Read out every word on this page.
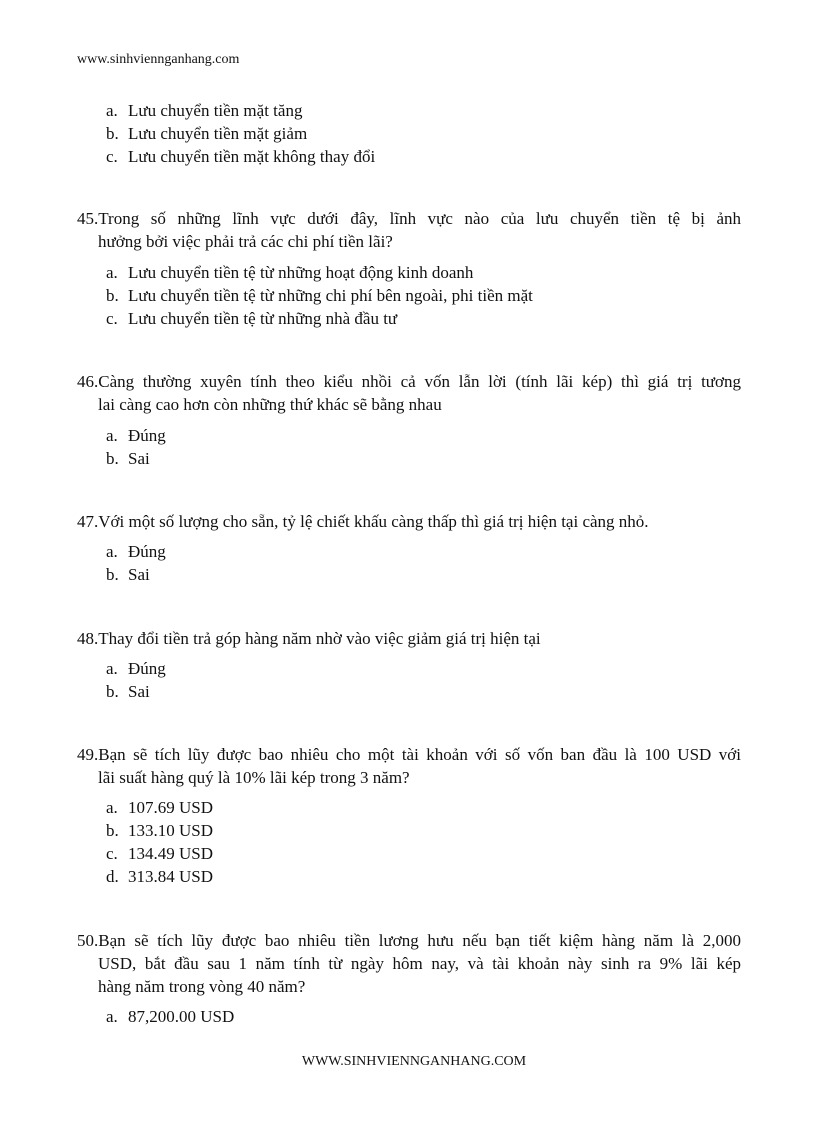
www.sinhviennganhang.com
a. Lưu chuyển tiền mặt tăng
b. Lưu chuyển tiền mặt giảm
c. Lưu chuyển tiền mặt không thay đổi
45.Trong số những lĩnh vực dưới đây, lĩnh vực nào của lưu chuyển tiền tệ bị ảnh
hưởng bởi việc phải trả các chi phí tiền lãi?
a. Lưu chuyển tiền tệ từ những hoạt động kinh doanh
b. Lưu chuyển tiền tệ từ những chi phí bên ngoài, phi tiền mặt
c. Lưu chuyển tiền tệ từ những nhà đầu tư
46.Càng thường xuyên tính theo kiểu nhồi cả vốn lẫn lời (tính lãi kép) thì giá trị tương
lai càng cao hơn còn những thứ khác sẽ bằng nhau
a. Đúng
b. Sai
47.Với một số lượng cho sẵn, tỷ lệ chiết khấu càng thấp thì giá trị hiện tại càng nhỏ.
a. Đúng
b. Sai
48.Thay đổi tiền trả góp hàng năm nhờ vào việc giảm giá trị hiện tại
a. Đúng
b. Sai
49.Bạn sẽ tích lũy được bao nhiêu cho một tài khoản với số vốn ban đầu là 100 USD với
lãi suất hàng quý là 10% lãi kép trong 3 năm?
a. 107.69 USD
b. 133.10 USD
c. 134.49 USD
d. 313.84 USD
50.Bạn sẽ tích lũy được bao nhiêu tiền lương hưu nếu bạn tiết kiệm hàng năm là 2,000
USD, bắt đầu sau 1 năm tính từ ngày hôm nay, và tài khoản này sinh ra 9% lãi kép
hàng năm trong vòng 40 năm?
a. 87,200.00 USD
WWW.SINHVIENNGANHANG.COM
